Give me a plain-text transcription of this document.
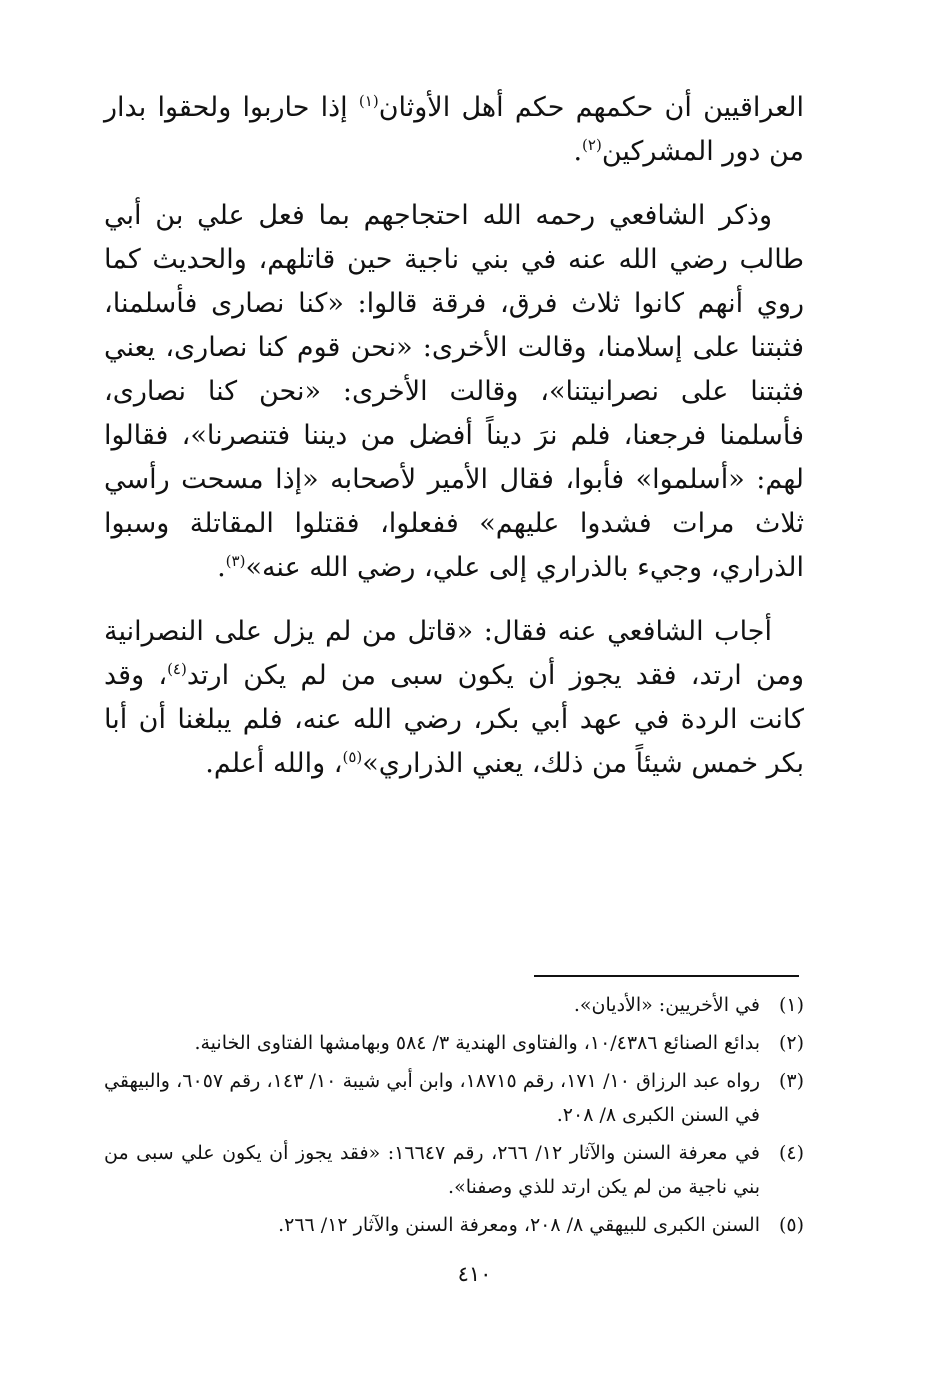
العراقيين أن حكمهم حكم أهل الأوثان$^{(١)}$ إذا حاربوا ولحقوا بدار من دور المشركين$^{(٢)}$.

وذكر الشافعي رحمه الله احتجاجهم بما فعل علي بن أبي طالب رضي الله عنه في بني ناجية حين قاتلهم، والحديث كما روي أنهم كانوا ثلاث فرق، فرقة قالوا: «كنا نصارى فأسلمنا، فثبتنا على إسلامنا، وقالت الأخرى: «نحن قوم كنا نصارى، يعني فثبتنا على نصرانيتنا»، وقالت الأخرى: «نحن كنا نصارى، فأسلمنا فرجعنا، فلم نرَ ديناً أفضل من ديننا فتنصرنا»، فقالوا لهم: «أسلموا» فأبوا، فقال الأمير لأصحابه «إذا مسحت رأسي ثلاث مرات فشدوا عليهم» ففعلوا، فقتلوا المقاتلة وسبوا الذراري، وجيء بالذراري إلى علي، رضي الله عنه»$^{(٣)}$.

أجاب الشافعي عنه فقال: «قاتل من لم يزل على النصرانية ومن ارتد، فقد يجوز أن يكون سبى من لم يكن ارتد$^{(٤)}$، وقد كانت الردة في عهد أبي بكر، رضي الله عنه، فلم يبلغنا أن أبا بكر خمس شيئاً من ذلك، يعني الذراري»$^{(٥)}$، والله أعلم.

(١)
في الأخريين: «الأديان».
(٢)
بدائع الصنائع ١٠/٤٣٨٦، والفتاوى الهندية ٣/ ٥٨٤ وبهامشها الفتاوى الخانية.
(٣)
رواه عبد الرزاق ١٠/ ١٧١، رقم ١٨٧١٥، وابن أبي شيبة ١٠/ ١٤٣، رقم ٦٠٥٧، والبيهقي في السنن الكبرى ٨/ ٢٠٨.
(٤)
في معرفة السنن والآثار ١٢/ ٢٦٦، رقم ١٦٦٤٧: «فقد يجوز أن يكون علي سبى من بني ناجية من لم يكن ارتد للذي وصفنا».
(٥)
السنن الكبرى للبيهقي ٨/ ٢٠٨، ومعرفة السنن والآثار ١٢/ ٢٦٦.
٤١٠
